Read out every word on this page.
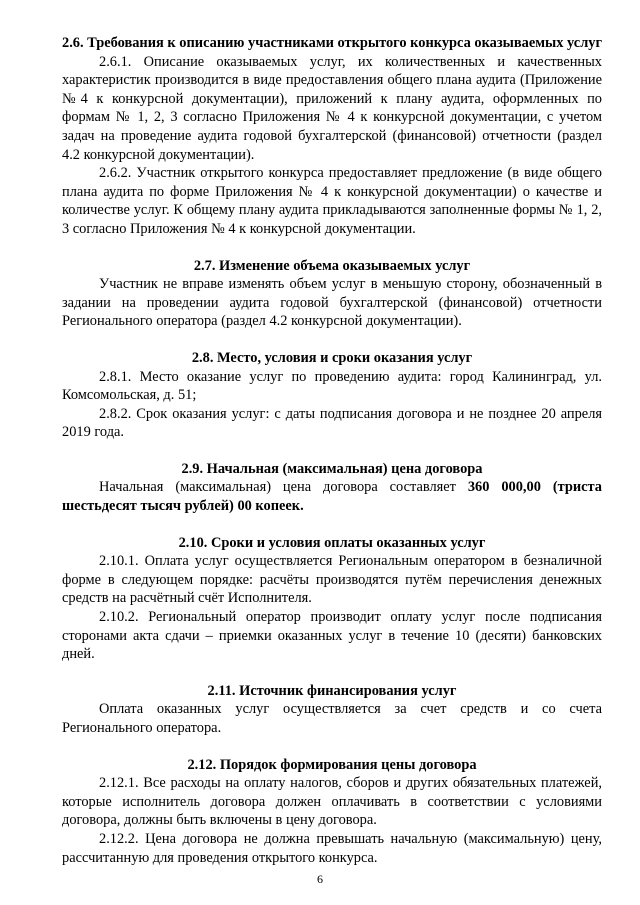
2.6. Требования к описанию участниками открытого конкурса оказываемых услуг

2.6.1. Описание оказываемых услуг, их количественных и качественных характеристик производится в виде предоставления общего плана аудита (Приложение №4 к конкурсной документации), приложений к плану аудита, оформленных по формам № 1, 2, 3 согласно Приложения № 4 к конкурсной документации, с учетом задач на проведение аудита годовой бухгалтерской (финансовой) отчетности (раздел 4.2 конкурсной документации).

2.6.2. Участник открытого конкурса предоставляет предложение (в виде общего плана аудита по форме Приложения № 4 к конкурсной документации) о качестве и количестве услуг. К общему плану аудита прикладываются заполненные формы № 1, 2, 3 согласно Приложения № 4 к конкурсной документации.

2.7. Изменение объема оказываемых услуг

Участник не вправе изменять объем услуг в меньшую сторону, обозначенный в задании на проведении аудита годовой бухгалтерской (финансовой) отчетности Регионального оператора (раздел 4.2 конкурсной документации).

2.8. Место, условия и сроки оказания услуг

2.8.1. Место оказание услуг по проведению аудита: город Калининград, ул. Комсомольская, д. 51;

2.8.2. Срок оказания услуг: с даты подписания договора и не позднее 20 апреля 2019 года.

2.9. Начальная (максимальная) цена договора

Начальная (максимальная) цена договора составляет 360 000,00 (триста шестьдесят тысяч рублей) 00 копеек.

2.10. Сроки и условия оплаты оказанных услуг

2.10.1. Оплата услуг осуществляется Региональным оператором в безналичной форме в следующем порядке: расчёты производятся путём перечисления денежных средств на расчётный счёт Исполнителя.

2.10.2. Региональный оператор производит оплату услуг после подписания сторонами акта сдачи – приемки оказанных услуг в течение 10 (десяти) банковских дней.

2.11. Источник финансирования услуг

Оплата оказанных услуг осуществляется за счет средств и со счета Регионального оператора.

2.12. Порядок формирования цены договора

2.12.1. Все расходы на оплату налогов, сборов и других обязательных платежей, которые исполнитель договора должен оплачивать в соответствии с условиями договора, должны быть включены в цену договора.

2.12.2. Цена договора не должна превышать начальную (максимальную) цену, рассчитанную для проведения открытого конкурса.

6
